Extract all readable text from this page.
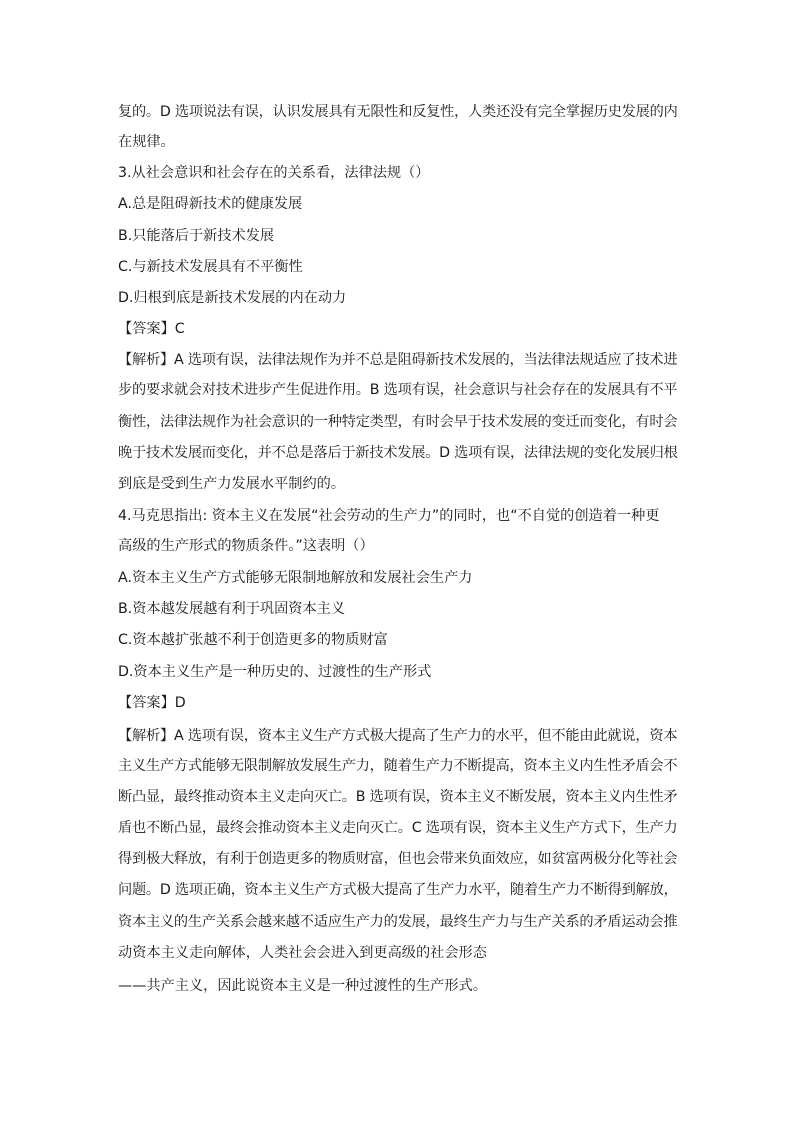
复的。D 选项说法有误，认识发展具有无限性和反复性，人类还没有完全掌握历史发展的内
在规律。
3.从社会意识和社会存在的关系看，法律法规（）
A.总是阻碍新技术的健康发展
B.只能落后于新技术发展
C.与新技术发展具有不平衡性
D.归根到底是新技术发展的内在动力
【答案】C
【解析】A 选项有误，法律法规作为并不总是阻碍新技术发展的，当法律法规适应了技术进
步的要求就会对技术进步产生促进作用。B 选项有误，社会意识与社会存在的发展具有不平
衡性，法律法规作为社会意识的一种特定类型，有时会早于技术发展的变迁而变化，有时会
晚于技术发展而变化，并不总是落后于新技术发展。D 选项有误，法律法规的变化发展归根
到底是受到生产力发展水平制约的。
4.马克思指出: 资本主义在发展“社会劳动的生产力”的同时，也“不自觉的创造着一种更
高级的生产形式的物质条件。”这表明（）
A.资本主义生产方式能够无限制地解放和发展社会生产力
B.资本越发展越有利于巩固资本主义
C.资本越扩张越不利于创造更多的物质财富
D.资本主义生产是一种历史的、过渡性的生产形式
【答案】D
【解析】A 选项有误，资本主义生产方式极大提高了生产力的水平，但不能由此就说，资本
主义生产方式能够无限制解放发展生产力，随着生产力不断提高，资本主义内生性矛盾会不
断凸显，最终推动资本主义走向灭亡。B 选项有误，资本主义不断发展，资本主义内生性矛
盾也不断凸显，最终会推动资本主义走向灭亡。C 选项有误，资本主义生产方式下，生产力
得到极大释放，有利于创造更多的物质财富，但也会带来负面效应，如贫富两极分化等社会
问题。D 选项正确，资本主义生产方式极大提高了生产力水平，随着生产力不断得到解放，
资本主义的生产关系会越来越不适应生产力的发展，最终生产力与生产关系的矛盾运动会推
动资本主义走向解体，人类社会会进入到更高级的社会形态
——共产主义，因此说资本主义是一种过渡性的生产形式。
